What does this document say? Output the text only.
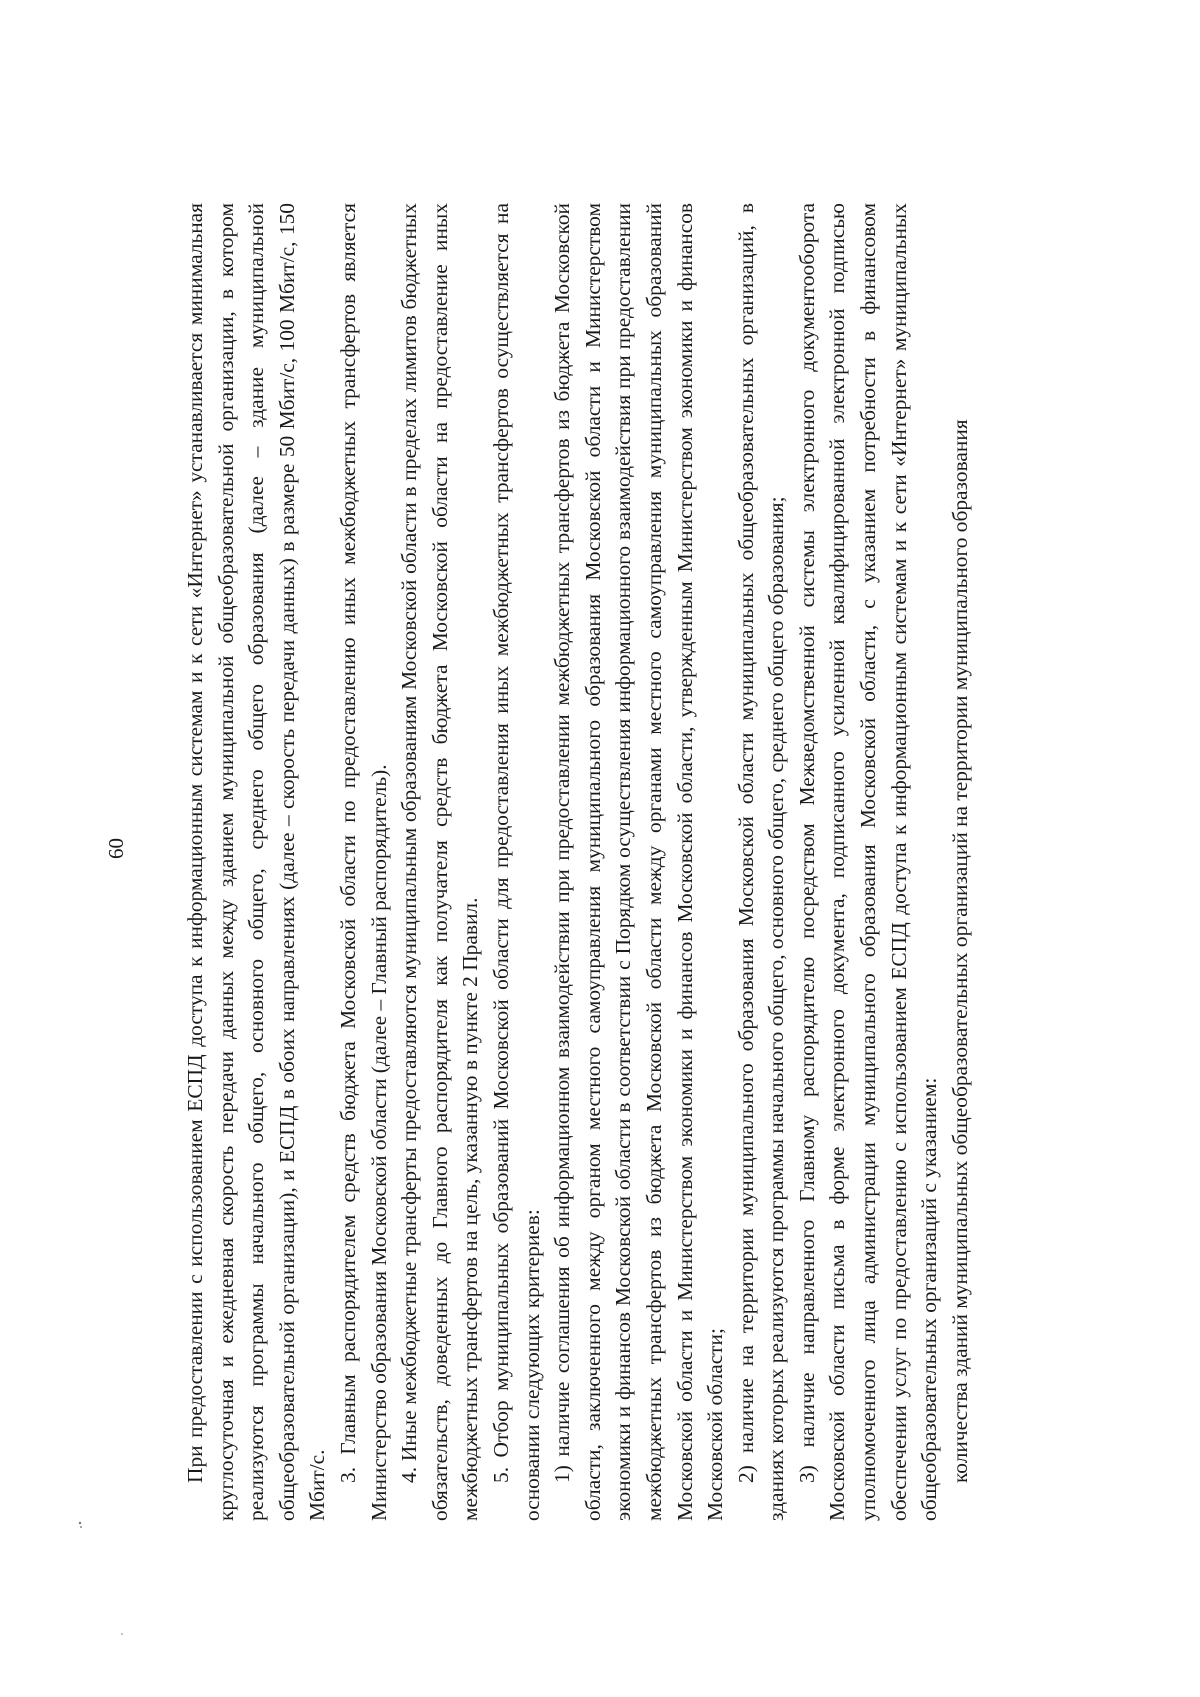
60	При предоставлении с использованием ЕСПД доступа к информационным системам и к сети «Интернет» устанавливается минимальная круглосуточная и ежедневная скорость передачи данных между зданием муниципальной общеобразовательной организации, в котором реализуются программы начального общего, основного общего, среднего общего образования (далее – здание муниципальной общеобразовательной организации), и ЕСПД в обоих направлениях (далее – скорость передачи данных) в размере 50 Мбит/с, 100 Мбит/с, 150 Мбит/с.

3. Главным распорядителем средств бюджета Московской области по предоставлению иных межбюджетных трансфертов является Министерство образования Московской области (далее – Главный распорядитель). 4. Иные межбюджетные трансферты предоставляются муниципальным образованиям Московской области в пределах лимитов бюджетных обязательств, доведенных до Главного распорядителя как получателя средств бюджета Московской области на предоставление иных межбюджетных трансфертов на цель, указанную в пункте 2 Правил. 5. Отбор муниципальных образований Московской области для предоставления иных межбюджетных трансфертов осуществляется на основании следующих критериев: 1) наличие соглашения об информационном взаимодействии при предоставлении межбюджетных трансфертов из бюджета Московской области, заключенного между органом местного самоуправления муниципального образования Московской области и Министерством экономики и финансов Московской области в соответствии с Порядком осуществления информационного взаимодействия при предоставлении межбюджетных трансфертов из бюджета Московской области между органами местного самоуправления муниципальных образований Московской области и Министерством экономики и финансов Московской области, утвержденным Министерством экономики и финансов Московской области; 2) наличие на территории муниципального образования Московской области муниципальных общеобразовательных организаций, в зданиях которых реализуются программы начального общего, основного общего, среднего общего образования; 3) наличие направленного Главному распорядителю посредством Межведомственной системы электронного документооборота Московской области письма в форме электронного документа, подписанного усиленной квалифицированной электронной подписью уполномоченного лица администрации муниципального образования Московской области, с указанием потребности в финансовом обеспечении услуг по предоставлению с использованием ЕСПД доступа к информационным системам и к сети «Интернет» муниципальных общеобразовательных организаций с указанием: количества зданий муниципальных общеобразовательных организаций на территории муниципального образования
